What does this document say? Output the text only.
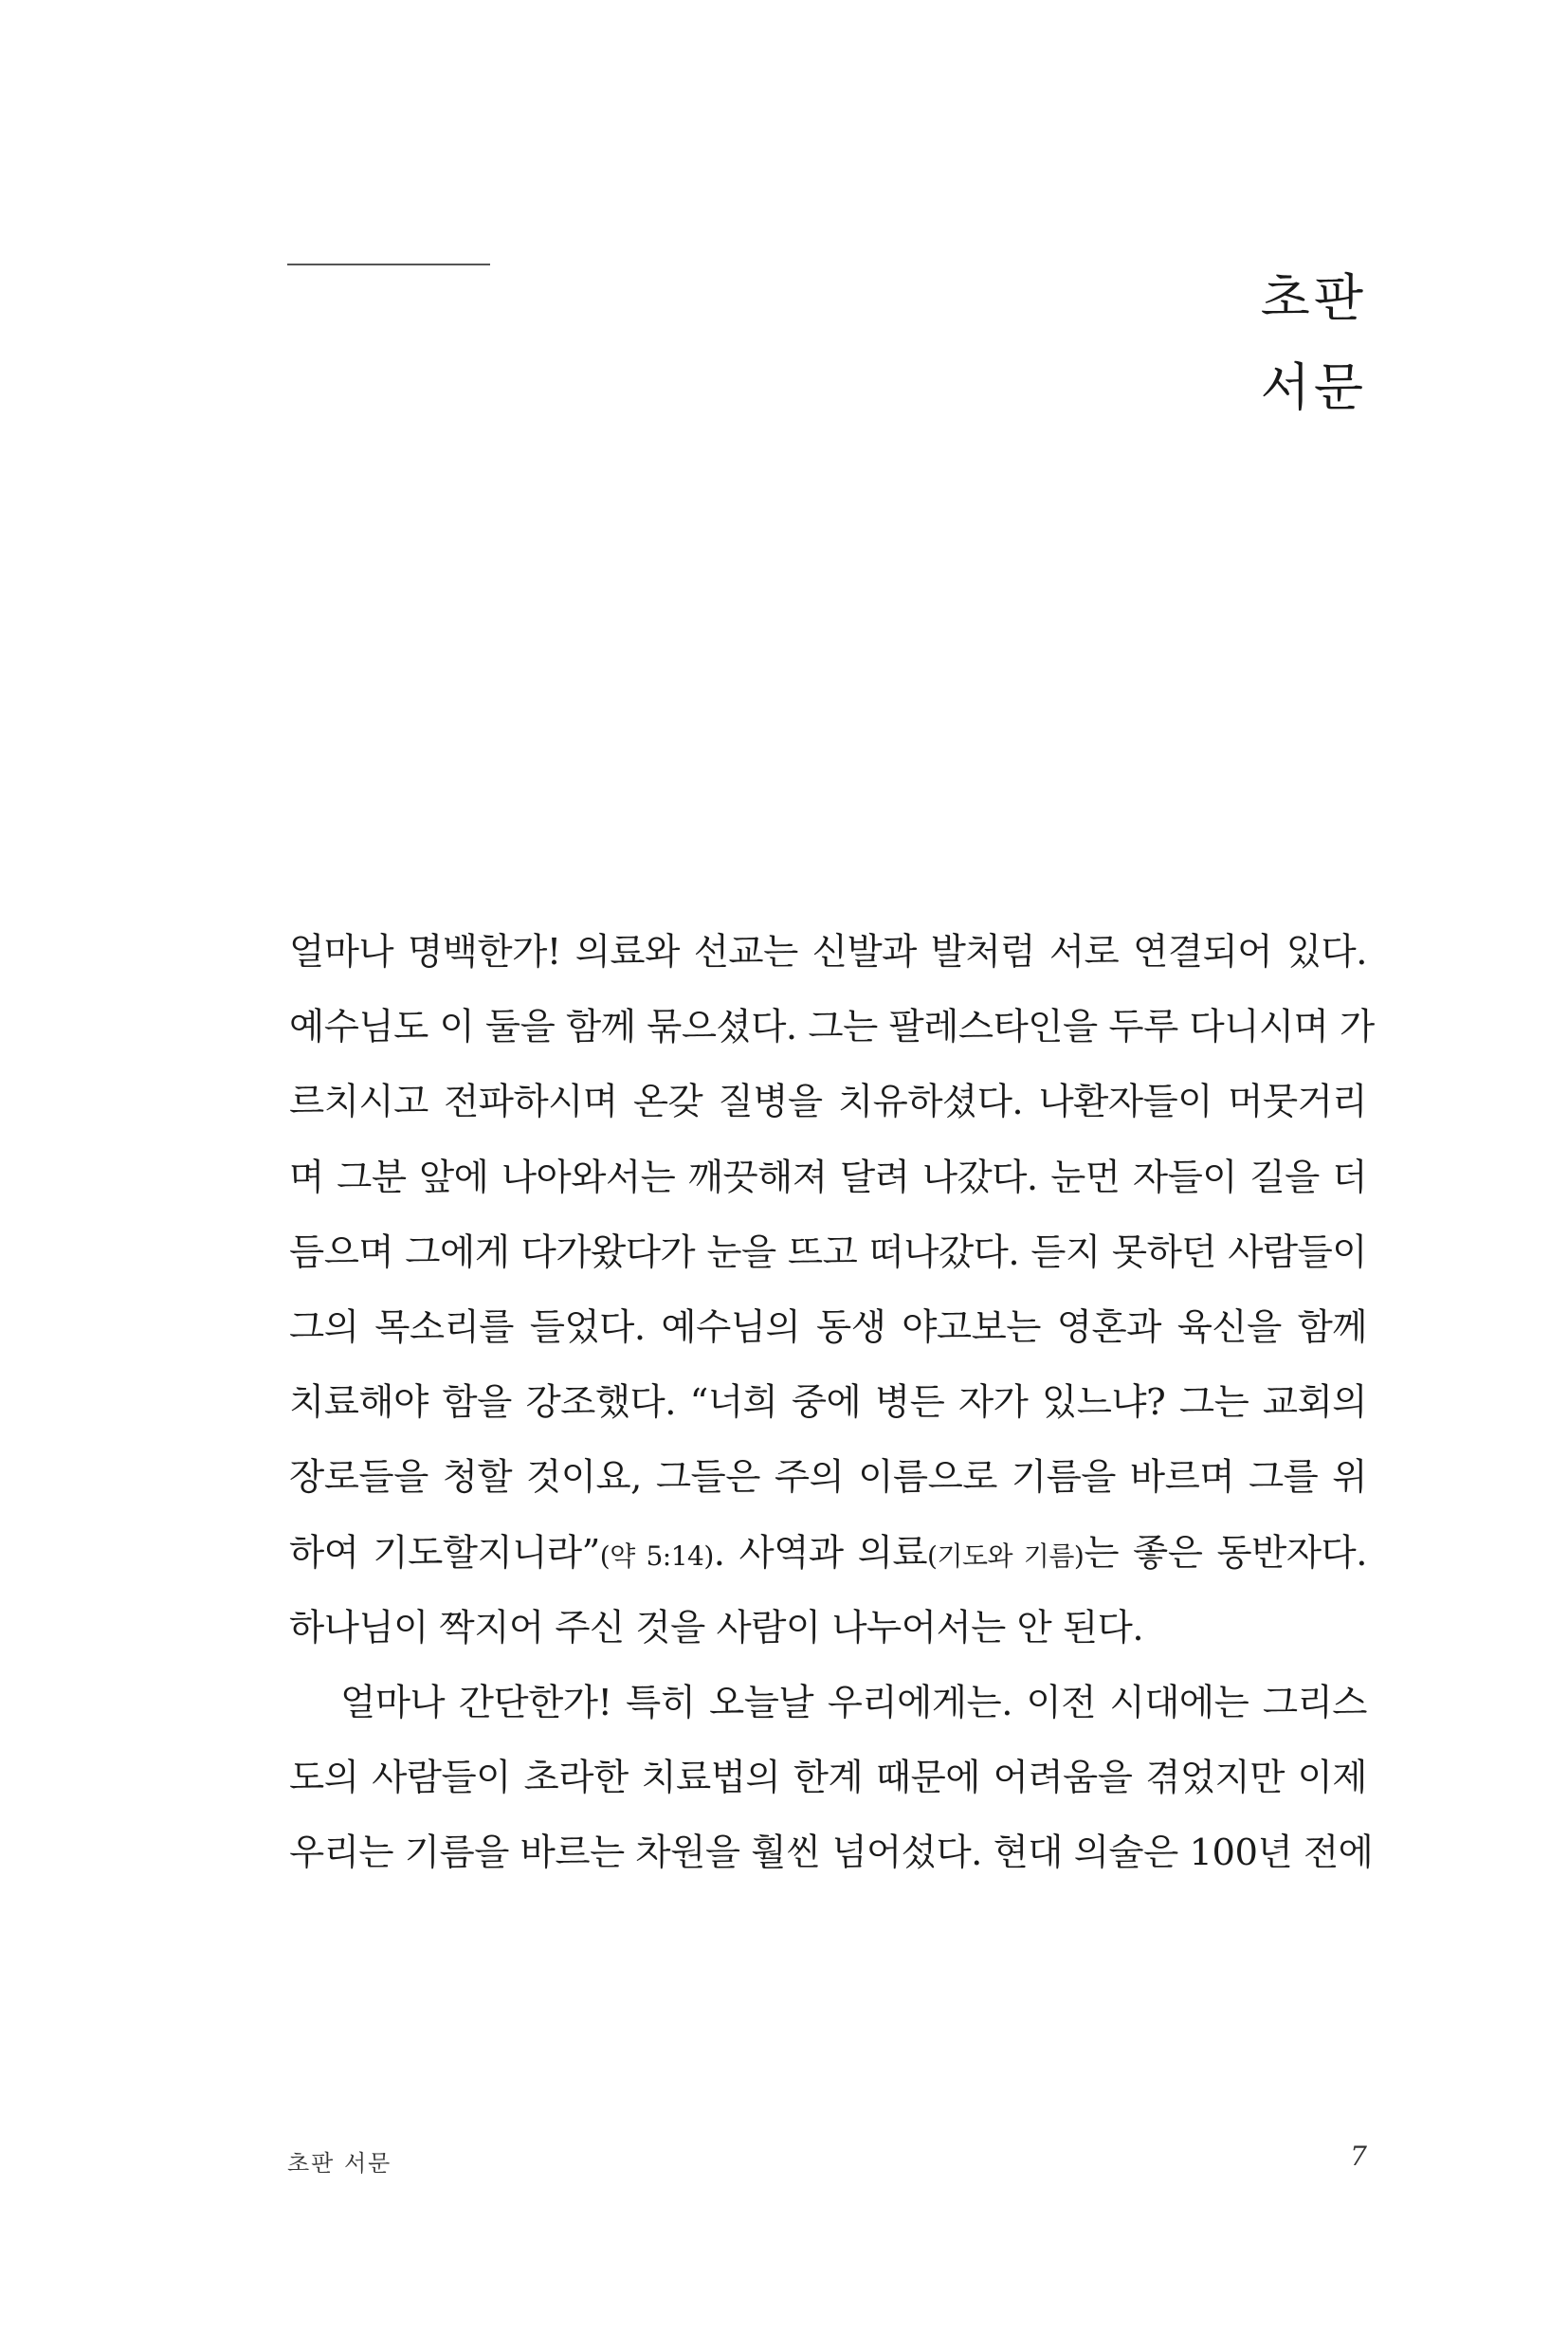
초판
서문
얼마나 명백한가! 의료와 선교는 신발과 발처럼 서로 연결되어 있다.
예수님도 이 둘을 함께 묶으셨다. 그는 팔레스타인을 두루 다니시며 가
르치시고 전파하시며 온갖 질병을 치유하셨다. 나환자들이 머뭇거리
며 그분 앞에 나아와서는 깨끗해져 달려 나갔다. 눈먼 자들이 길을 더
듬으며 그에게 다가왔다가 눈을 뜨고 떠나갔다. 듣지 못하던 사람들이
그의 목소리를 들었다. 예수님의 동생 야고보는 영혼과 육신을 함께
치료해야 함을 강조했다. “너희 중에 병든 자가 있느냐? 그는 교회의
장로들을 청할 것이요, 그들은 주의 이름으로 기름을 바르며 그를 위
하여 기도할지니라”(약 5:14). 사역과 의료(기도와 기름)는 좋은 동반자다.
하나님이 짝지어 주신 것을 사람이 나누어서는 안 된다.
얼마나 간단한가! 특히 오늘날 우리에게는. 이전 시대에는 그리스
도의 사람들이 초라한 치료법의 한계 때문에 어려움을 겪었지만 이제
우리는 기름을 바르는 차원을 훨씬 넘어섰다. 현대 의술은 100년 전에
초판 서문	7
